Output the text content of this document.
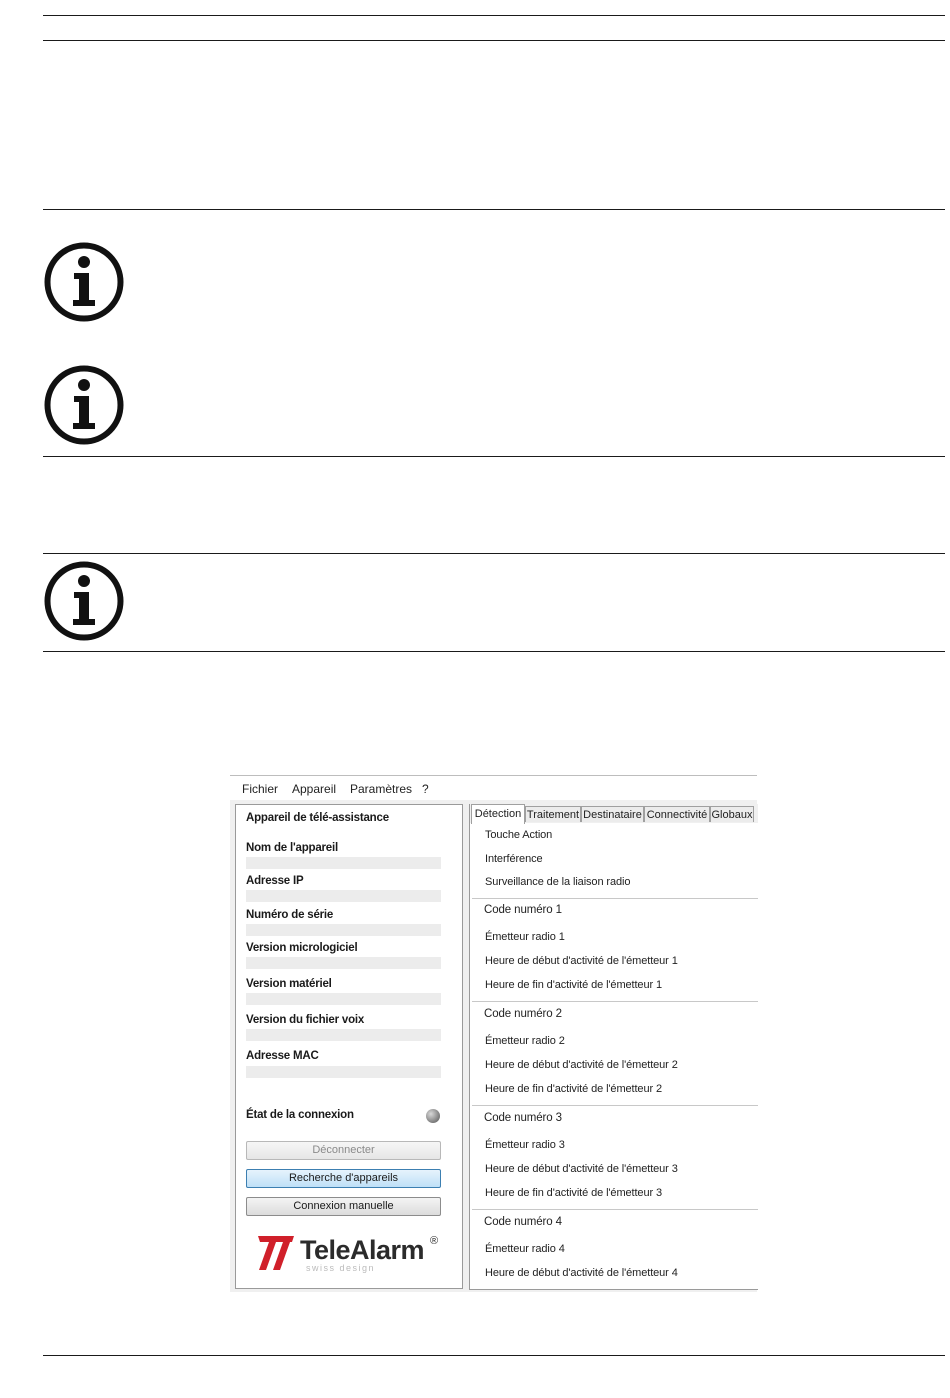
Fichier Appareil Paramètres ?
Appareil de télé-assistance
Nom de l'appareil
Adresse IP
Numéro de série
Version micrologiciel
Version matériel
Version du fichier voix
Adresse MAC
État de la connexion
Déconnecter
Recherche d'appareils
Connexion manuelle
TeleAlarm ®
swiss design
Détection Traitement Destinataire Connectivité Globaux
Touche Action
Interférence
Surveillance de la liaison radio
Code numéro 1
Émetteur radio 1
Heure de début d'activité de l'émetteur 1
Heure de fin d'activité de l'émetteur 1
Code numéro 2
Émetteur radio 2
Heure de début d'activité de l'émetteur 2
Heure de fin d'activité de l'émetteur 2
Code numéro 3
Émetteur radio 3
Heure de début d'activité de l'émetteur 3
Heure de fin d'activité de l'émetteur 3
Code numéro 4
Émetteur radio 4
Heure de début d'activité de l'émetteur 4
